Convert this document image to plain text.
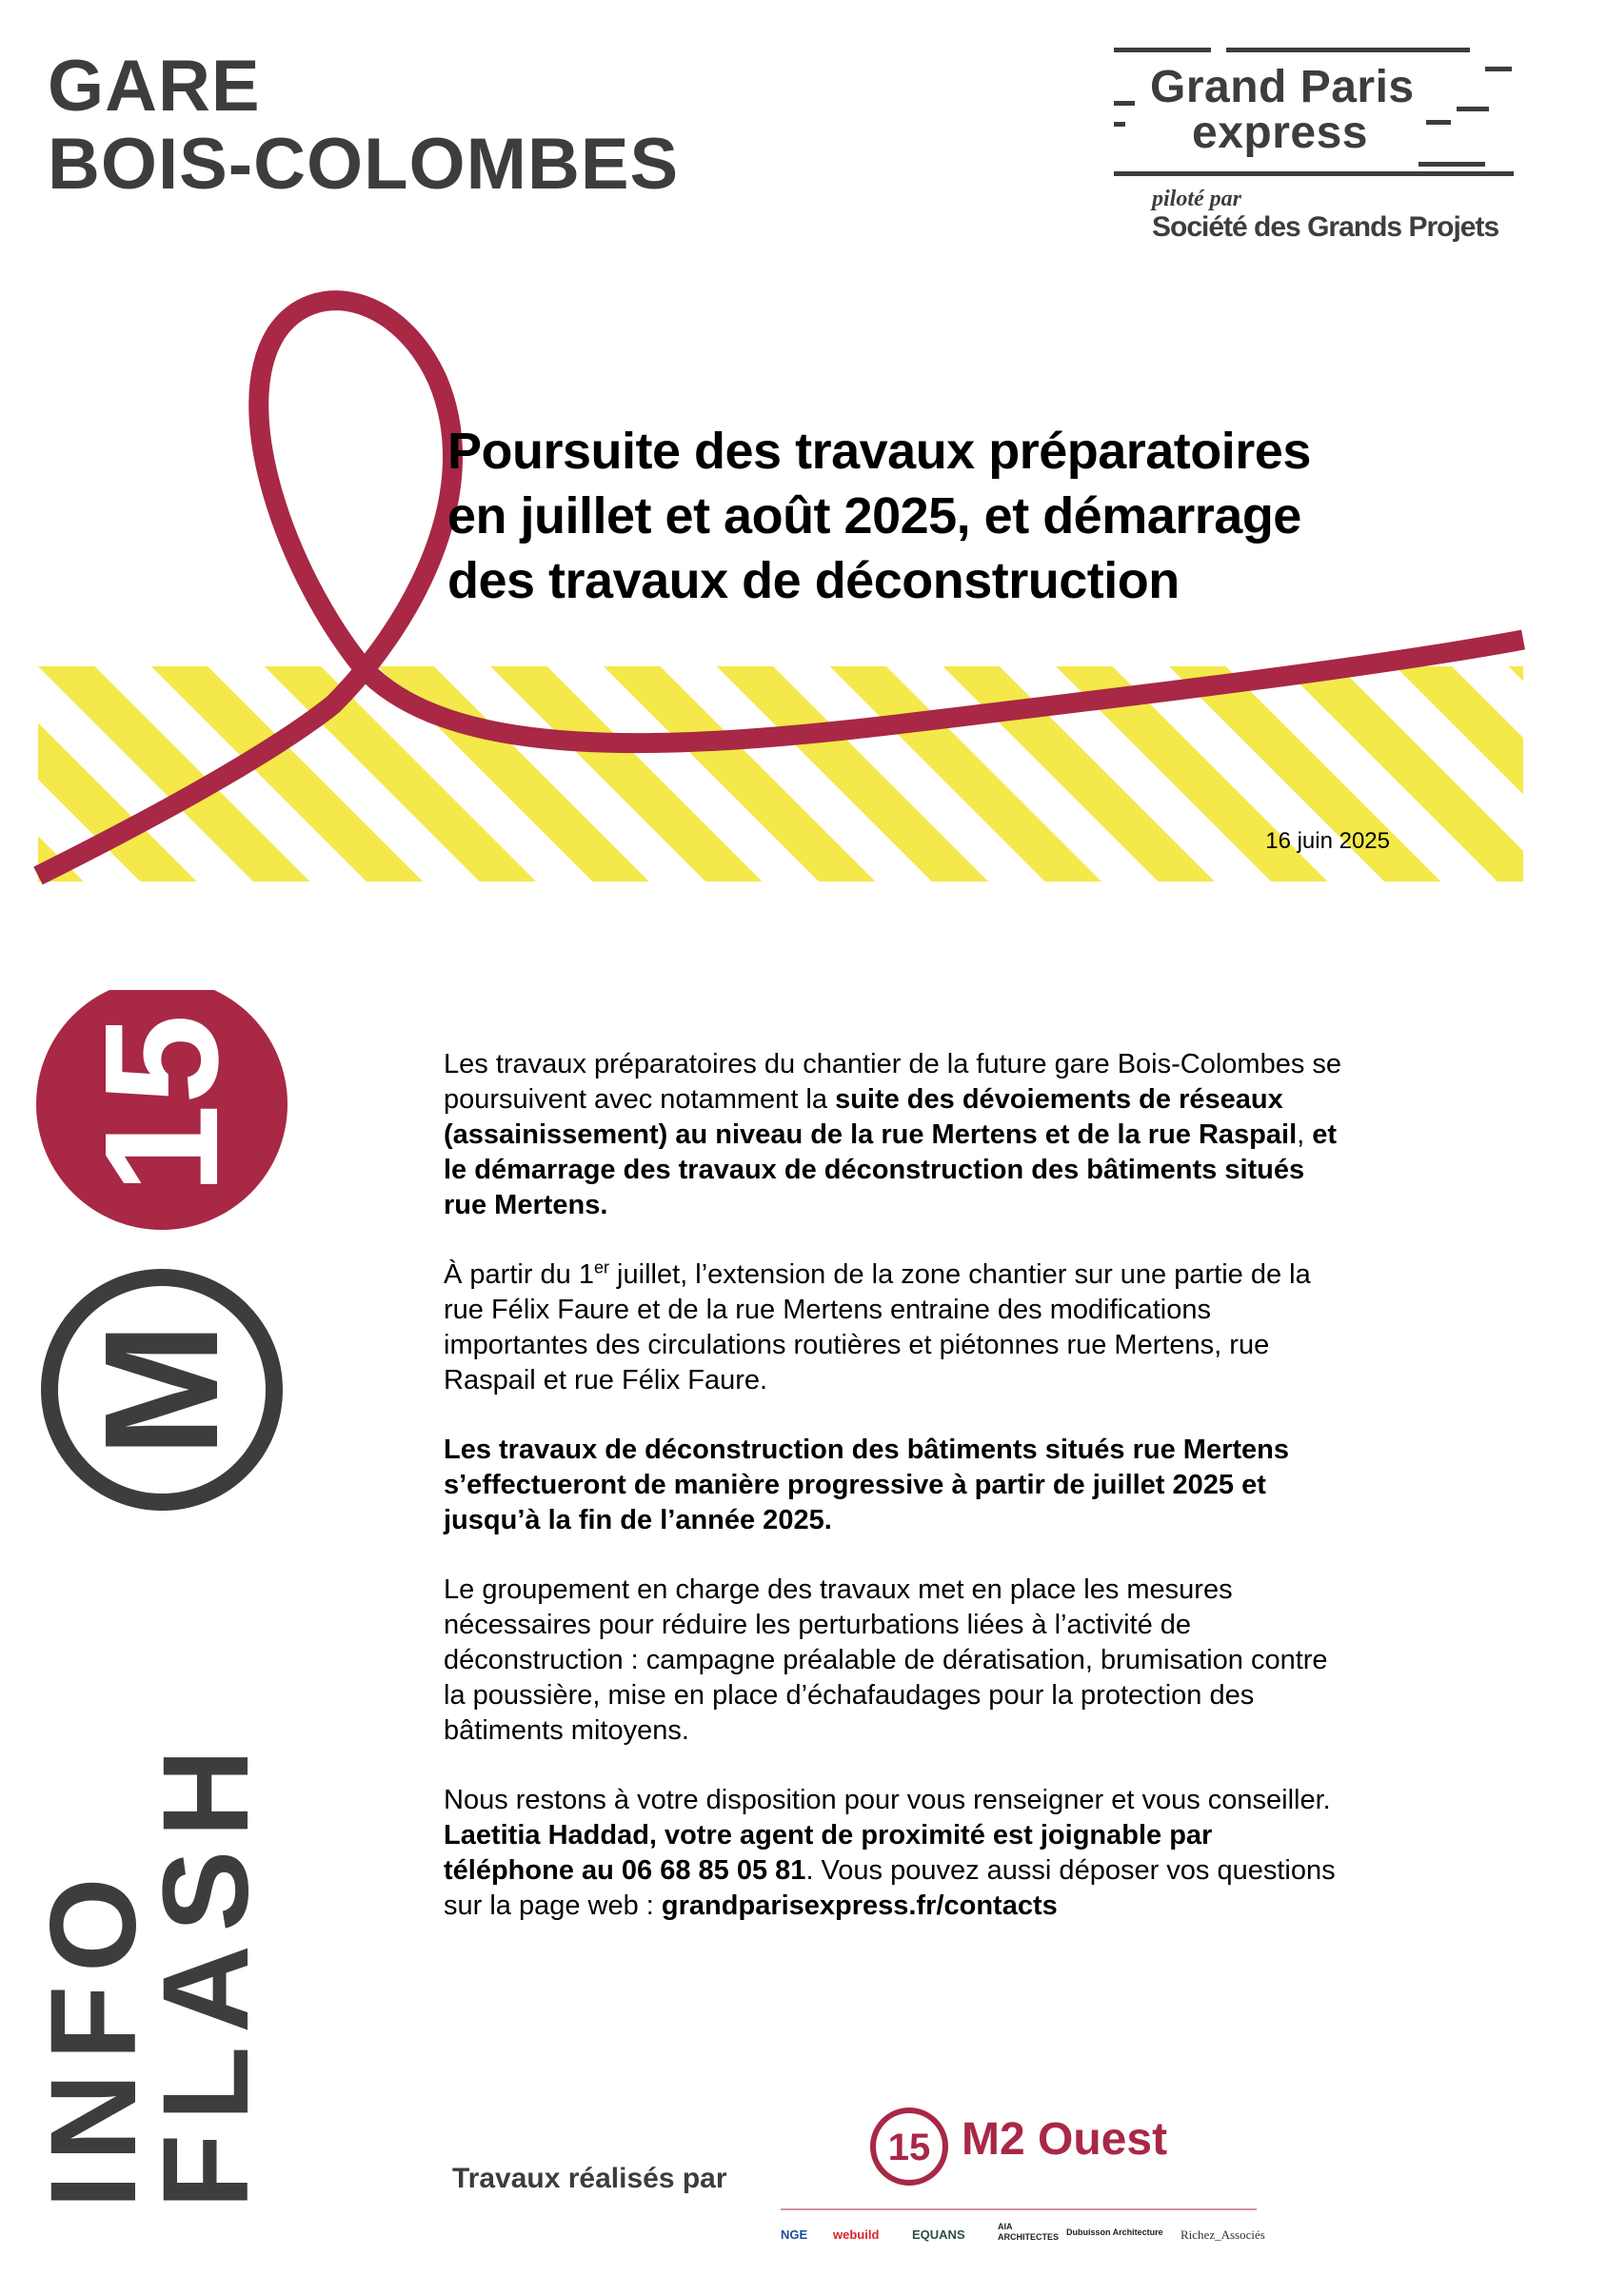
GARE
BOIS-COLOMBES
Grand Paris
express
piloté par
Société des Grands Projets
Poursuite des travaux préparatoires en juillet et août 2025, et démarrage des travaux de déconstruction
16 juin 2025
15
M
INFO
FLASH

Les travaux préparatoires du chantier de la future gare Bois-Colombes se poursuivent avec notamment la suite des dévoiements de réseaux (assainissement) au niveau de la rue Mertens et de la rue Raspail, et le démarrage des travaux de déconstruction des bâtiments situés rue Mertens.

À partir du 1er juillet, l’extension de la zone chantier sur une partie de la rue Félix Faure et de la rue Mertens entraine des modifications importantes des circulations routières et piétonnes rue Mertens, rue Raspail et rue Félix Faure.

Les travaux de déconstruction des bâtiments situés rue Mertens s’effectueront de manière progressive à partir de juillet 2025 et jusqu’à la fin de l’année 2025.

Le groupement en charge des travaux met en place les mesures nécessaires pour réduire les perturbations liées à l’activité de déconstruction : campagne préalable de dératisation, brumisation contre la poussière, mise en place d’échafaudages pour la protection des bâtiments mitoyens.

Nous restons à votre disposition pour vous renseigner et vous conseiller. Laetitia Haddad, votre agent de proximité est joignable par téléphone au 06 68 85 05 81. Vous pouvez aussi déposer vos questions sur la page web : grandparisexpress.fr/contacts

Travaux réalisés par
15 M2 Ouest
NGE webuild	EQUANS
AIA ARCHITECTES Dubuisson Architecture Richez_Associés
